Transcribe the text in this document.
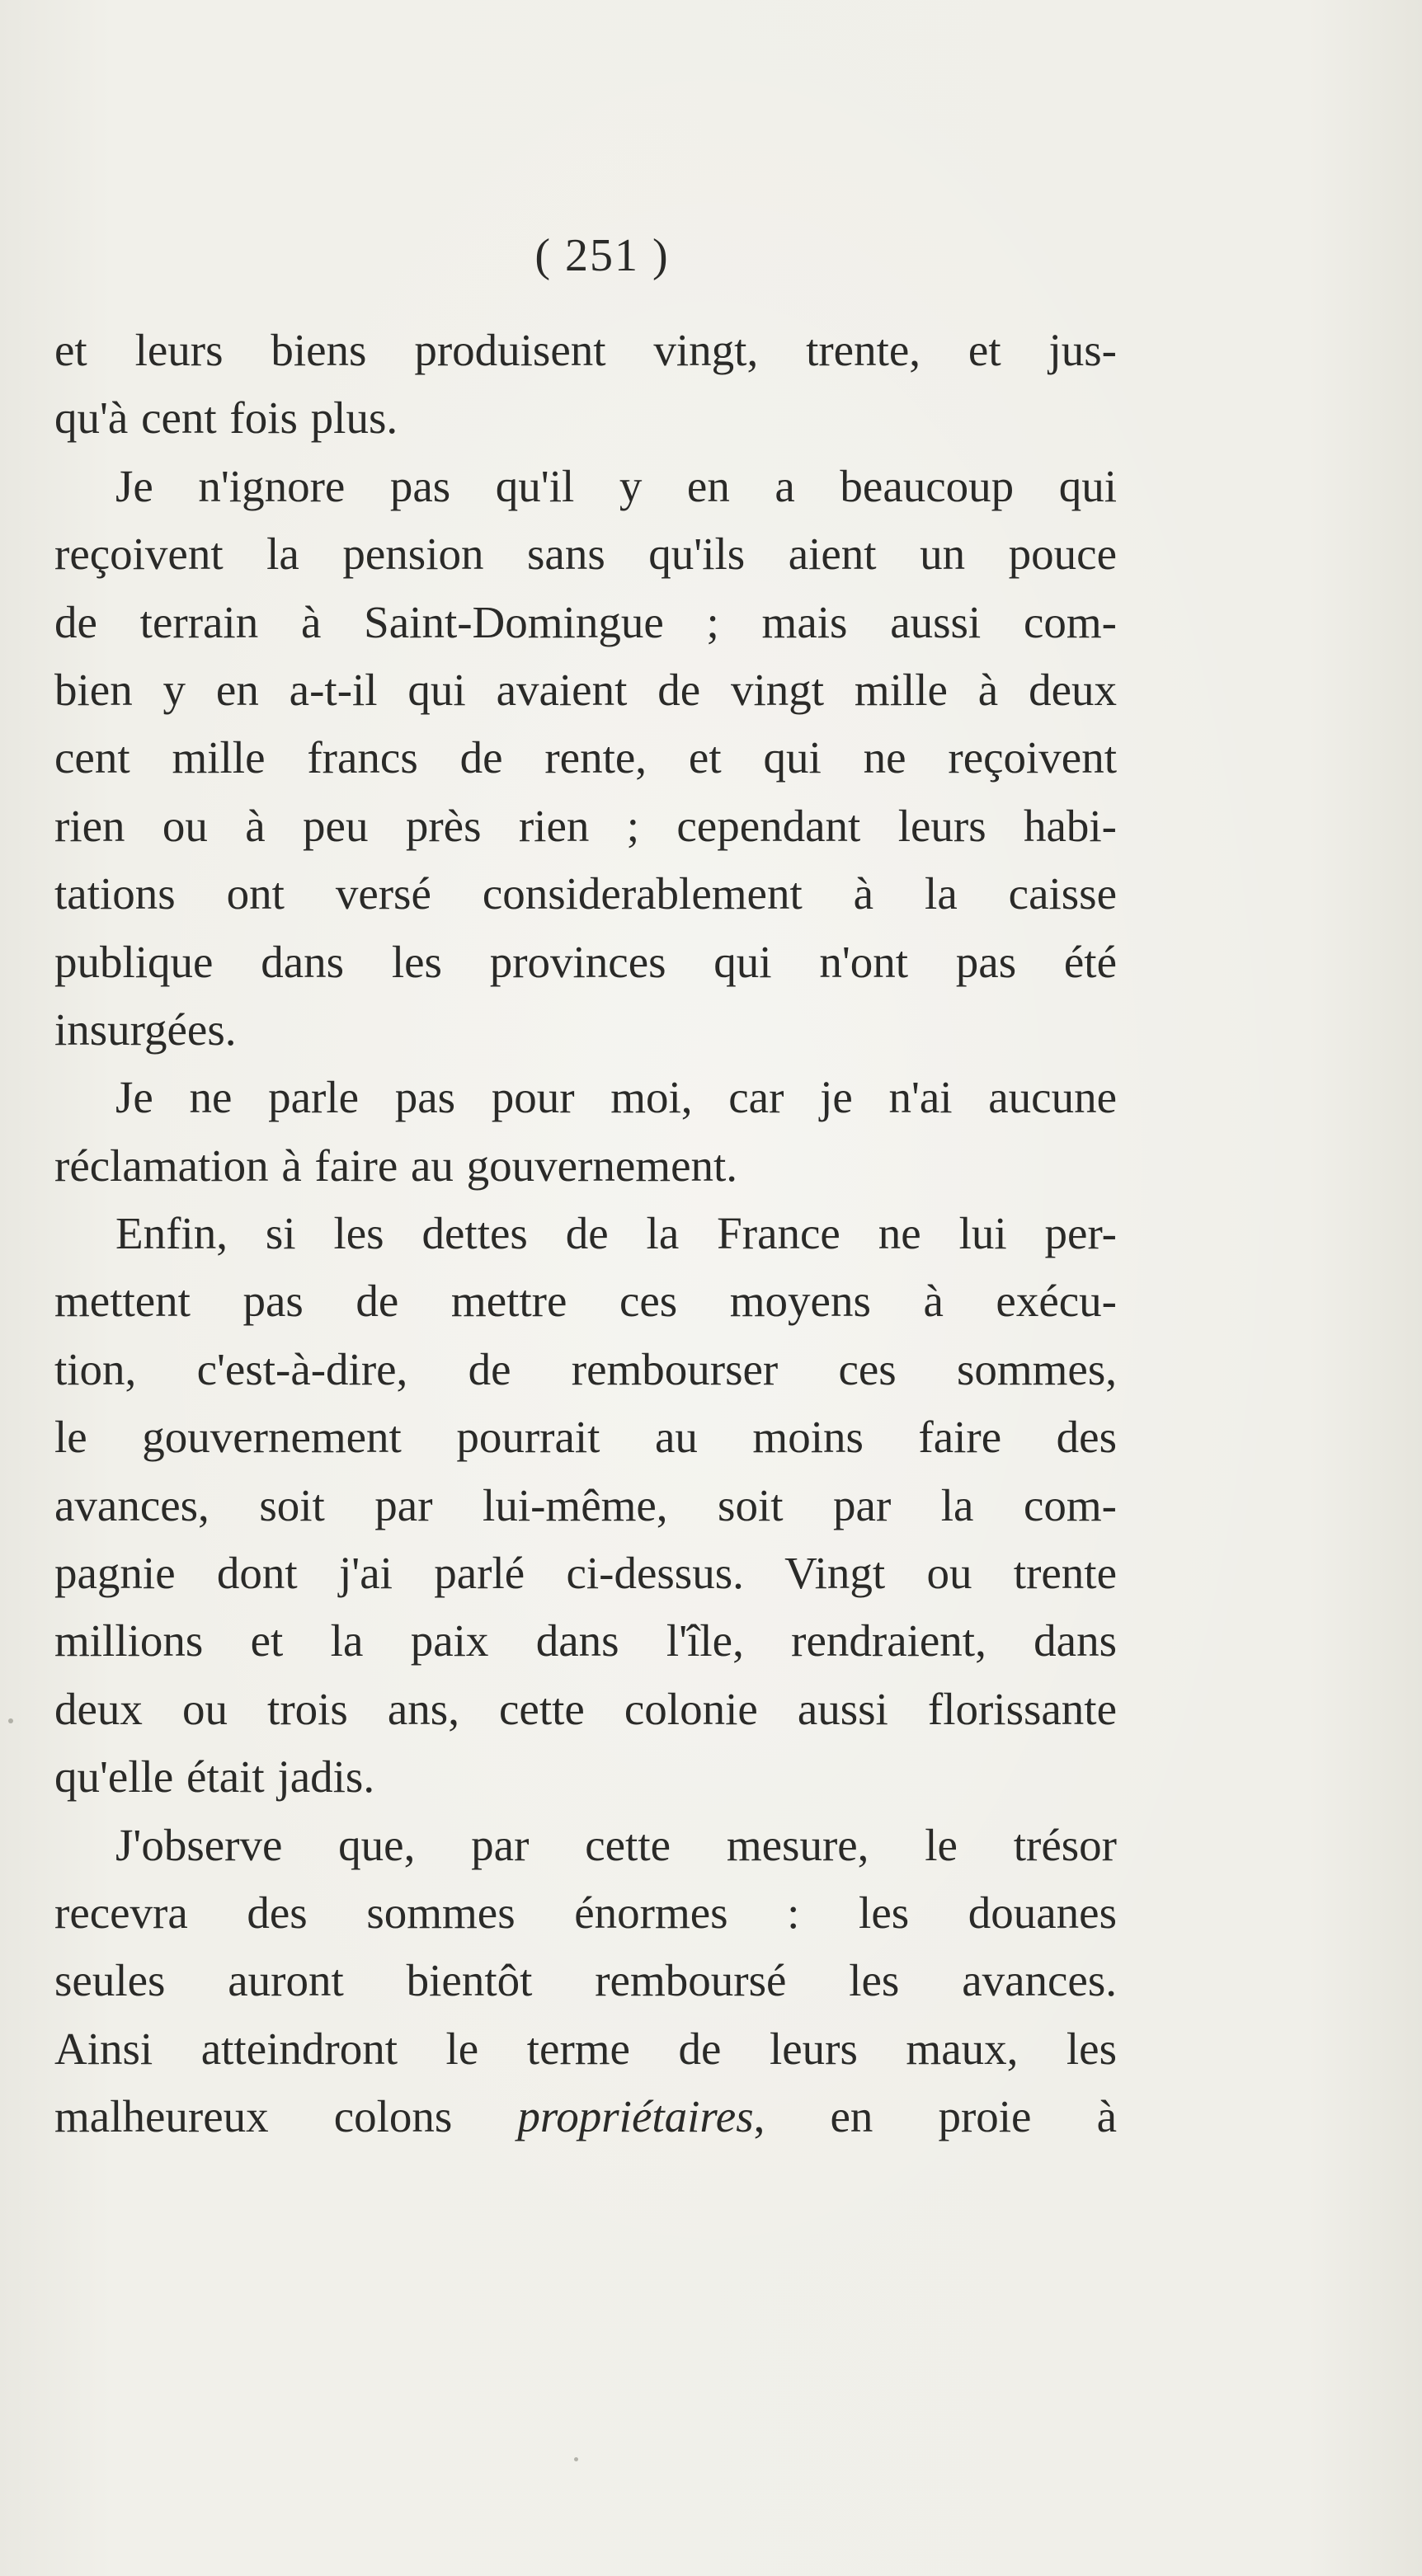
( 251 )
et leurs biens produisent vingt, trente, et jus-
qu'à cent fois plus.
Je n'ignore pas qu'il y en a beaucoup qui
reçoivent la pension sans qu'ils aient un pouce
de terrain à Saint-Domingue ; mais aussi com-
bien y en a-t-il qui avaient de vingt mille à deux
cent mille francs de rente, et qui ne reçoivent
rien ou à peu près rien ; cependant leurs habi-
tations ont versé considerablement à la caisse
publique dans les provinces qui n'ont pas été
insurgées.
Je ne parle pas pour moi, car je n'ai aucune
réclamation à faire au gouvernement.
Enfin, si les dettes de la France ne lui per-
mettent pas de mettre ces moyens à exécu-
tion, c'est-à-dire, de rembourser ces sommes,
le gouvernement pourrait au moins faire des
avances, soit par lui-même, soit par la com-
pagnie dont j'ai parlé ci-dessus. Vingt ou trente
millions et la paix dans l'île, rendraient, dans
deux ou trois ans, cette colonie aussi florissante
qu'elle était jadis.
J'observe que, par cette mesure, le trésor
recevra des sommes énormes : les douanes
seules auront bientôt remboursé les avances.
Ainsi atteindront le terme de leurs maux, les
malheureux colons propriétaires, en proie à
